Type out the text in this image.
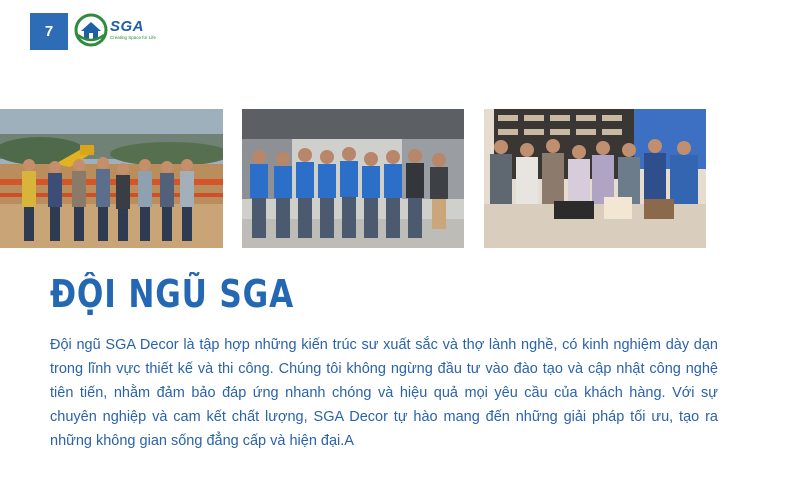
7	SGA
Creating Space for Life
ĐỘI NGŨ SGA

Đội ngũ SGA Decor là tập hợp những kiến trúc sư xuất sắc và thợ lành nghề, có kinh nghiệm dày dạn trong lĩnh vực thiết kế và thi công. Chúng tôi không ngừng đầu tư vào đào tạo và cập nhật công nghệ tiên tiến, nhằm đảm bảo đáp ứng nhanh chóng và hiệu quả mọi yêu cầu của khách hàng. Với sự chuyên nghiệp và cam kết chất lượng, SGA Decor tự hào mang đến những giải pháp tối ưu, tạo ra những không gian sống đẳng cấp và hiện đại.A
